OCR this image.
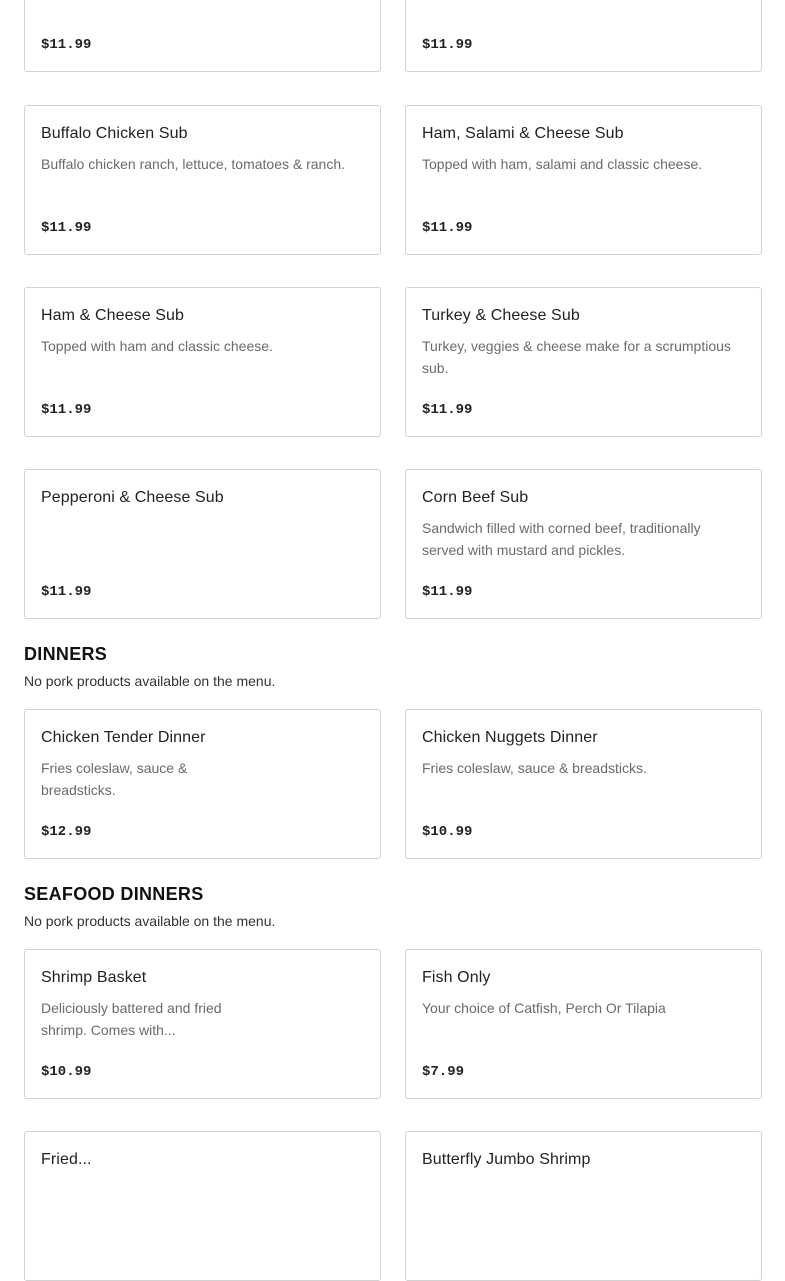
$11.99	$11.99
Buffalo Chicken Sub
Buffalo chicken ranch, lettuce, tomatoes & ranch.
$11.99
Ham, Salami & Cheese Sub
Topped with ham, salami and classic cheese.
$11.99
Ham & Cheese Sub
Topped with ham and classic cheese.
$11.99
Turkey & Cheese Sub
Turkey, veggies & cheese make for a scrumptious sub.
$11.99
Pepperoni & Cheese Sub
$11.99
Corn Beef Sub
Sandwich filled with corned beef, traditionally served with mustard and pickles.
$11.99
DINNERS
No pork products available on the menu.
Chicken Tender Dinner
Fries coleslaw, sauce & breadsticks.
$12.99
Chicken Nuggets Dinner
Fries coleslaw, sauce & breadsticks.
$10.99
SEAFOOD DINNERS
No pork products available on the menu.
Shrimp Basket
Deliciously battered and fried shrimp. Comes with...
$10.99
Fish Only
Your choice of Catfish, Perch Or Tilapia
$7.99
Fried...	Butterfly Jumbo Shrimp
